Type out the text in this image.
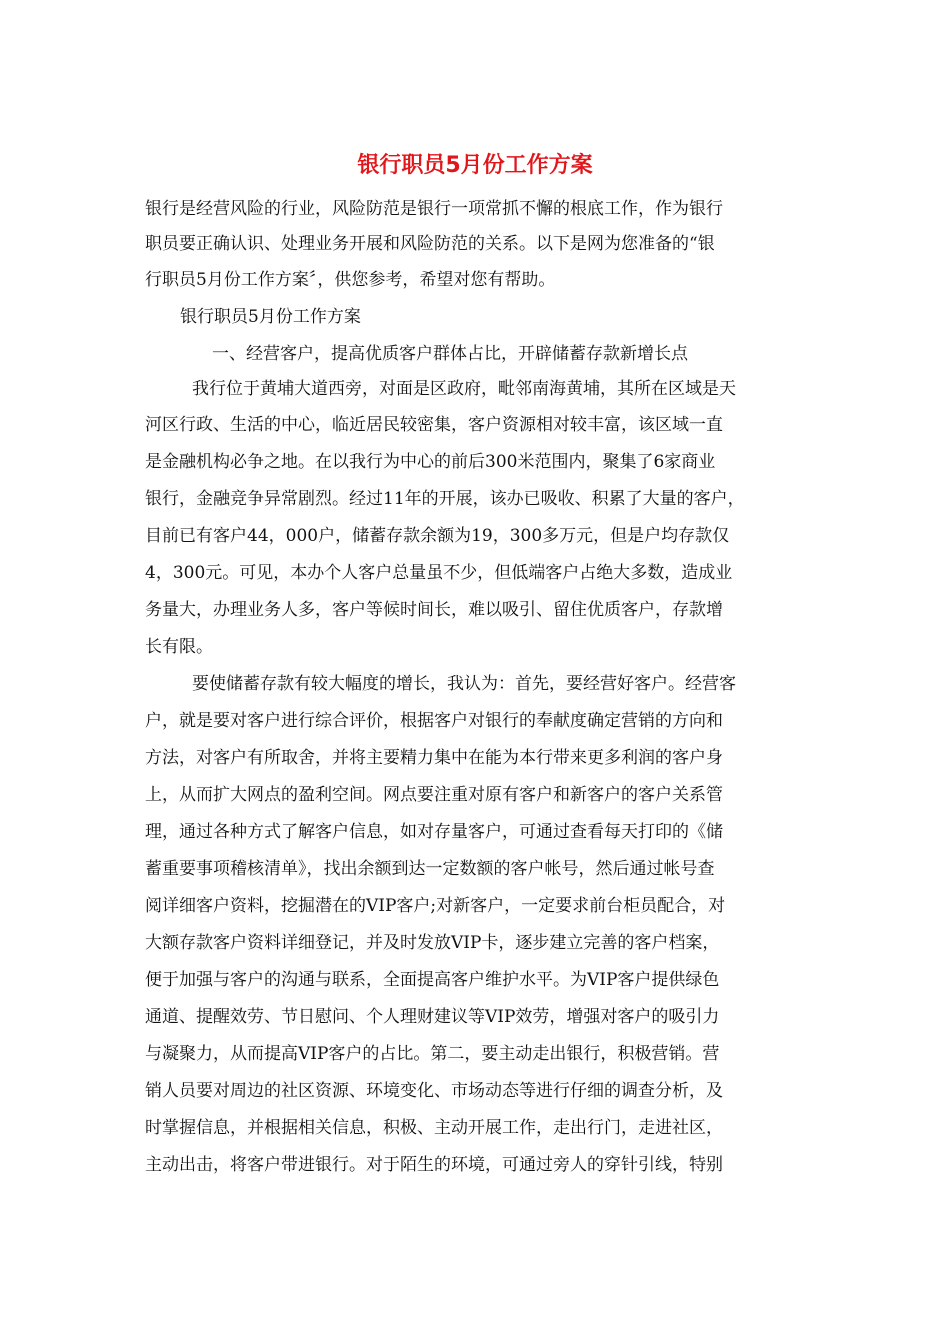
银行职员5月份工作方案

银行是经营风险的行业，风险防范是银行一项常抓不懈的根底工作，作为银行

职员要正确认识、处理业务开展和风险防范的关系。以下是网为您准备的“银

行职员5月份工作方案〞，供您参考，希望对您有帮助。

银行职员5月份工作方案

一、经营客户，提高优质客户群体占比，开辟储蓄存款新增长点

我行位于黄埔大道西旁，对面是区政府，毗邻南海黄埔，其所在区域是天

河区行政、生活的中心，临近居民较密集，客户资源相对较丰富，该区域一直

是金融机构必争之地。在以我行为中心的前后300米范围内，聚集了6家商业

银行，金融竞争异常剧烈。经过11年的开展，该办已吸收、积累了大量的客户，

目前已有客户44，000户，储蓄存款余额为19，300多万元，但是户均存款仅

4，300元。可见，本办个人客户总量虽不少，但低端客户占绝大多数，造成业

务量大，办理业务人多，客户等候时间长，难以吸引、留住优质客户，存款增

长有限。

要使储蓄存款有较大幅度的增长，我认为：首先，要经营好客户。经营客

户，就是要对客户进行综合评价，根据客户对银行的奉献度确定营销的方向和

方法，对客户有所取舍，并将主要精力集中在能为本行带来更多利润的客户身

上，从而扩大网点的盈利空间。网点要注重对原有客户和新客户的客户关系管

理，通过各种方式了解客户信息，如对存量客户，可通过查看每天打印的《储

蓄重要事项稽核清单》，找出余额到达一定数额的客户帐号，然后通过帐号查

阅详细客户资料，挖掘潜在的VIP客户;对新客户，一定要求前台柜员配合，对

大额存款客户资料详细登记，并及时发放VIP卡，逐步建立完善的客户档案，

便于加强与客户的沟通与联系，全面提高客户维护水平。为VIP客户提供绿色

通道、提醒效劳、节日慰问、个人理财建议等VIP效劳，增强对客户的吸引力

与凝聚力，从而提高VIP客户的占比。第二，要主动走出银行，积极营销。营

销人员要对周边的社区资源、环境变化、市场动态等进行仔细的调查分析，及

时掌握信息，并根据相关信息，积极、主动开展工作，走出行门，走进社区，

主动出击，将客户带进银行。对于陌生的环境，可通过旁人的穿针引线，特别
